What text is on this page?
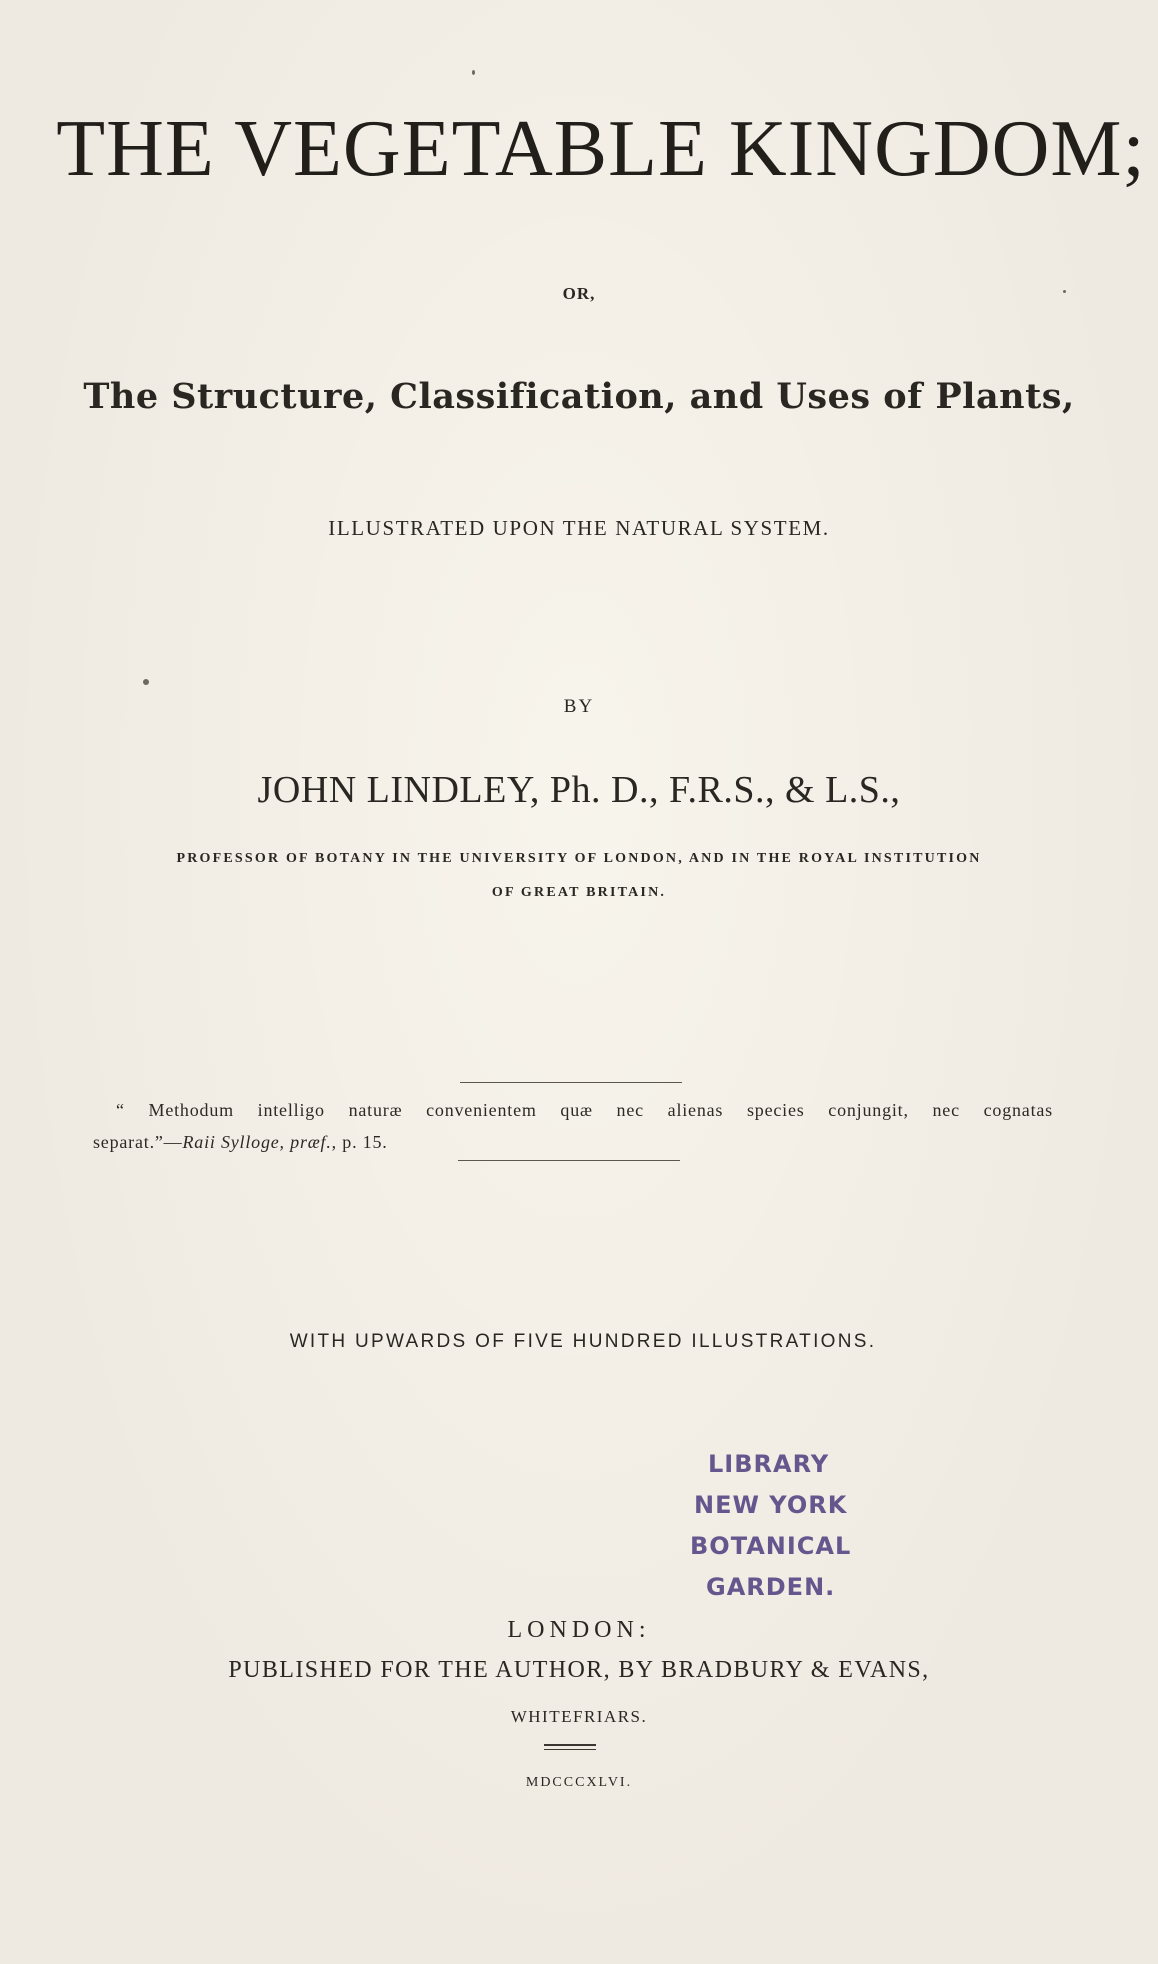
THE VEGETABLE KINGDOM;
OR,
The Structure, Classification, and Uses of Plants,
ILLUSTRATED UPON THE NATURAL SYSTEM.
BY
JOHN LINDLEY, Ph. D., F.R.S., & L.S.,
PROFESSOR OF BOTANY IN THE UNIVERSITY OF LONDON, AND IN THE ROYAL INSTITUTION
OF GREAT BRITAIN.
“ Methodum intelligo naturæ convenientem quæ nec alienas species conjungit, nec cognatas
separat.”—Raii Sylloge, præf., p. 15.
WITH UPWARDS OF FIVE HUNDRED ILLUSTRATIONS.
LIBRARY
NEW YORK
BOTANICAL
GARDEN.
LONDON:
PUBLISHED FOR THE AUTHOR, BY BRADBURY & EVANS,
WHITEFRIARS.
MDCCCXLVI.
